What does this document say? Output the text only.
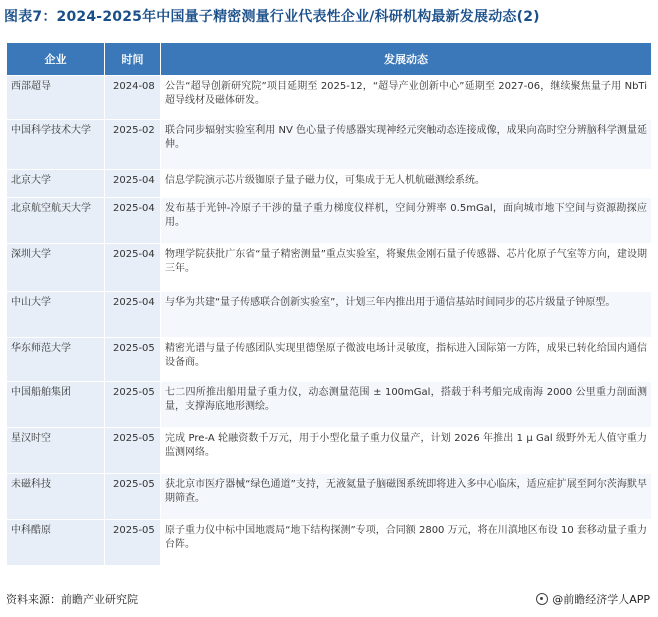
图表7：2024-2025年中国量子精密测量行业代表性企业/科研机构最新发展动态(2)
企业	时间	发展动态
西部超导	2024-08	公告“超导创新研究院”项目延期至 2025-12，“超导产业创新中心”延期至 2027-06，继续聚焦量子用 NbTi 超导线材及磁体研发。
中国科学技术大学	2025-02	联合同步辐射实验室利用 NV 色心量子传感器实现神经元突触动态连接成像，成果向高时空分辨脑科学测量延伸。
北京大学	2025-04	信息学院演示芯片级铷原子量子磁力仪，可集成于无人机航磁测绘系统。
北京航空航天大学	2025-04	发布基于光钟-冷原子干涉的量子重力梯度仪样机，空间分辨率 0.5mGal，面向城市地下空间与资源勘探应用。
深圳大学	2025-04	物理学院获批广东省“量子精密测量”重点实验室，将聚焦金刚石量子传感器、芯片化原子气室等方向，建设期三年。
中山大学	2025-04	与华为共建“量子传感联合创新实验室”，计划三年内推出用于通信基站时间同步的芯片级量子钟原型。
华东师范大学	2025-05	精密光谱与量子传感团队实现里德堡原子微波电场计灵敏度，指标进入国际第一方阵，成果已转化给国内通信设备商。
中国船舶集团	2025-05	七二四所推出船用量子重力仪，动态测量范围 ± 100mGal，搭载于科考船完成南海 2000 公里重力剖面测量，支撑海底地形测绘。
星汉时空	2025-05	完成 Pre-A 轮融资数千万元，用于小型化量子重力仪量产，计划 2026 年推出 1 μ Gal 级野外无人值守重力监测网络。
未磁科技	2025-05	获北京市医疗器械“绿色通道”支持，无液氦量子脑磁图系统即将进入多中心临床，适应症扩展至阿尔茨海默早期筛查。
中科酷原	2025-05	原子重力仪中标中国地震局“地下结构探测”专项，合同额 2800 万元，将在川滇地区布设 10 套移动量子重力台阵。
资料来源：前瞻产业研究院	@前瞻经济学人APP
